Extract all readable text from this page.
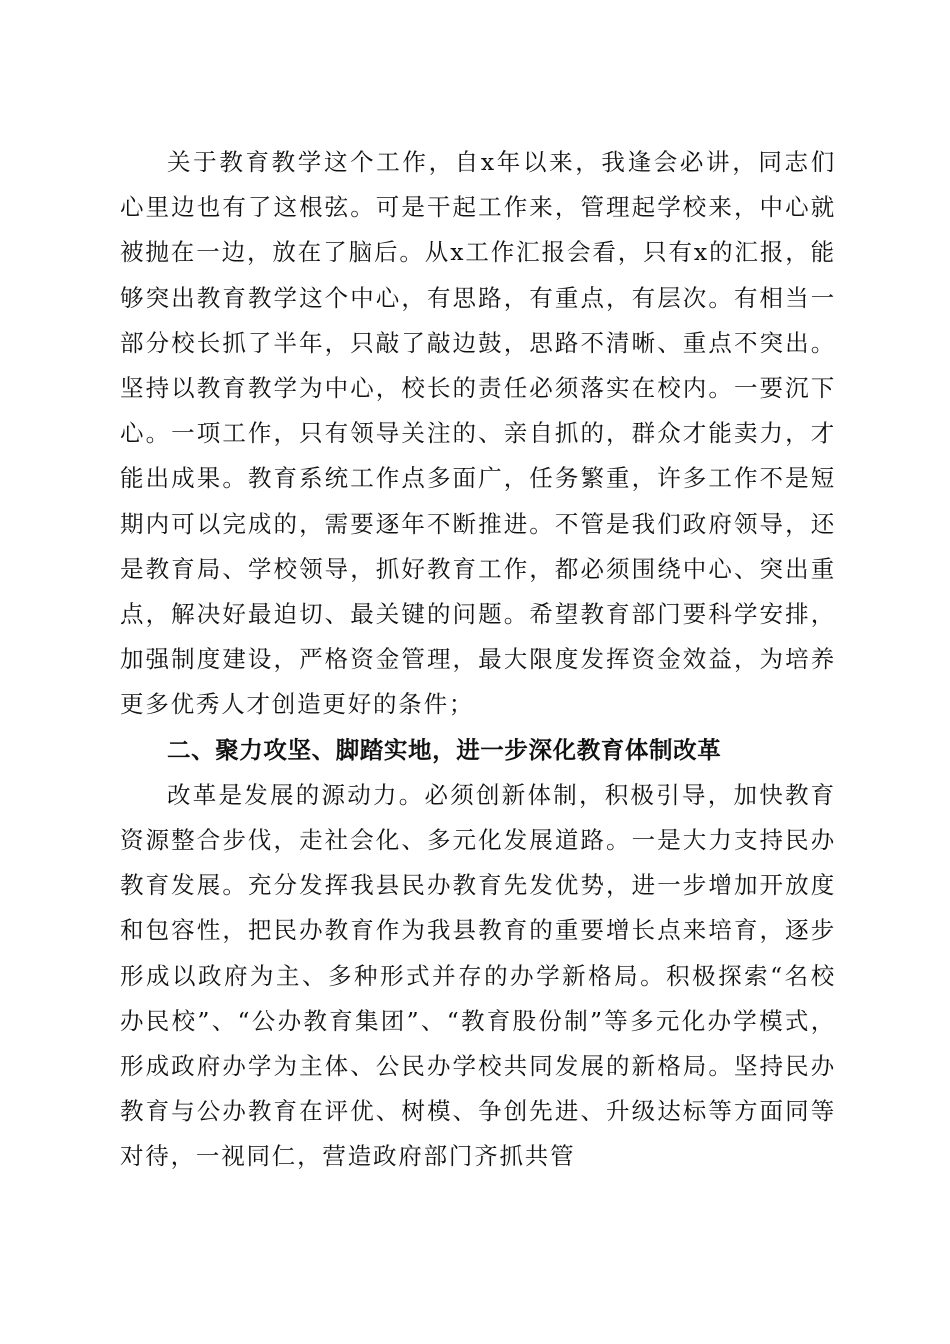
关于教育教学这个工作，自x年以来，我逢会必讲，同志们心里边也有了这根弦。可是干起工作来，管理起学校来，中心就被抛在一边，放在了脑后。从x工作汇报会看，只有x的汇报，能够突出教育教学这个中心，有思路，有重点，有层次。有相当一部分校长抓了半年，只敲了敲边鼓，思路不清晰、重点不突出。坚持以教育教学为中心，校长的责任必须落实在校内。一要沉下心。一项工作，只有领导关注的、亲自抓的，群众才能卖力，才能出成果。教育系统工作点多面广，任务繁重，许多工作不是短期内可以完成的，需要逐年不断推进。不管是我们政府领导，还是教育局、学校领导，抓好教育工作，都必须围绕中心、突出重点，解决好最迫切、最关键的问题。希望教育部门要科学安排，加强制度建设，严格资金管理，最大限度发挥资金效益，为培养更多优秀人才创造更好的条件；

二、聚力攻坚、脚踏实地，进一步深化教育体制改革

改革是发展的源动力。必须创新体制，积极引导，加快教育资源整合步伐，走社会化、多元化发展道路。一是大力支持民办教育发展。充分发挥我县民办教育先发优势，进一步增加开放度和包容性，把民办教育作为我县教育的重要增长点来培育，逐步形成以政府为主、多种形式并存的办学新格局。积极探索“名校办民校”、“公办教育集团”、“教育股份制”等多元化办学模式，形成政府办学为主体、公民办学校共同发展的新格局。坚持民办教育与公办教育在评优、树模、争创先进、升级达标等方面同等对待，一视同仁，营造政府部门齐抓共管
